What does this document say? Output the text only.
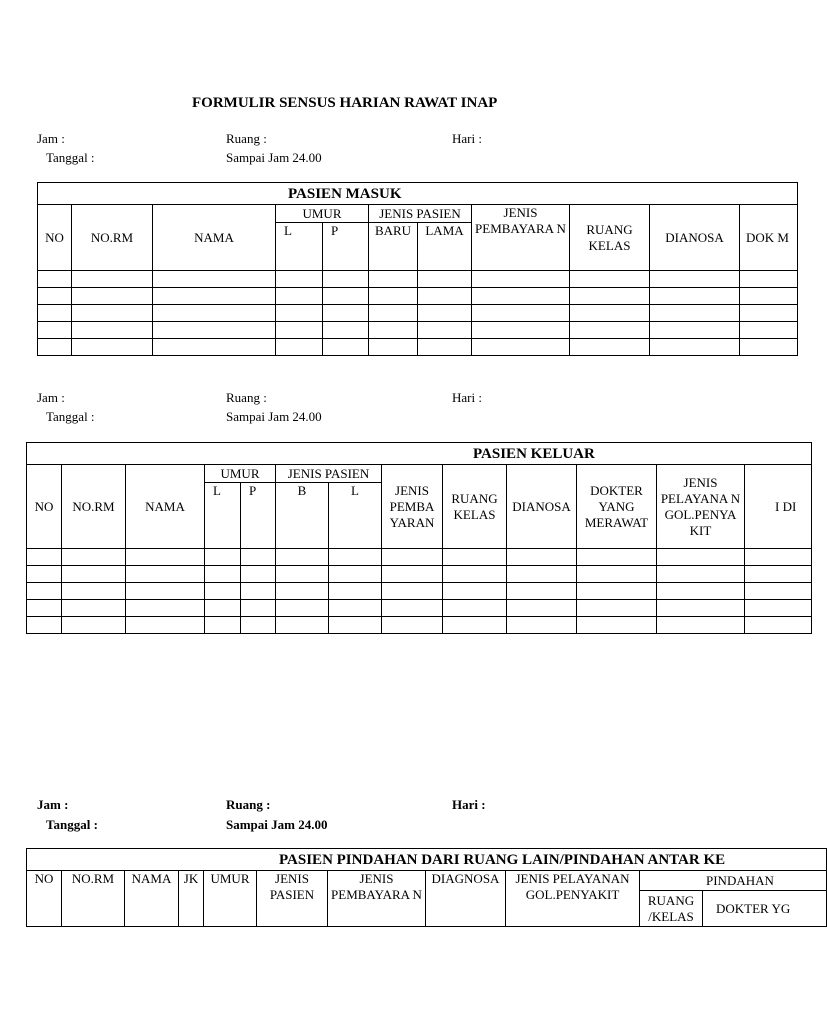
FORMULIR SENSUS HARIAN RAWAT INAP
Jam :	Ruang :	Hari :
Tanggal :	Sampai Jam 24.00
PASIEN MASUK										
NO	NO.RM	NAMA	UMUR		JENIS PASIEN		JENIS PEMBAYARA N	RUANG KELAS	DIANOSA	DOK M
			L	P	BARU	LAMA				

Jam :	Ruang :	Hari :
Tanggal :	Sampai Jam 24.00
PASIEN KELUAR												
NO	NO.RM	NAMA	UMUR		JENIS PASIEN		JENIS PEMBA YARAN	RUANG KELAS	DIANOSA	DOKTER YANG MERAWAT	JENIS PELAYANA N GOL.PENYA KIT	I DI
			L	P	B	L						

Jam :	Ruang :	Hari :
Tanggal :	Sampai Jam 24.00
PASIEN PINDAHAN DARI RUANG LAIN/PINDAHAN ANTAR KE										
NO	NO.RM	NAMA	JK	UMUR	JENIS PASIEN	JENIS PEMBAYARA N	DIAGNOSA	JENIS PELAYANAN GOL.PENYAKIT	PINDAHAN	
									RUANG /KELAS	DOKTER YG
